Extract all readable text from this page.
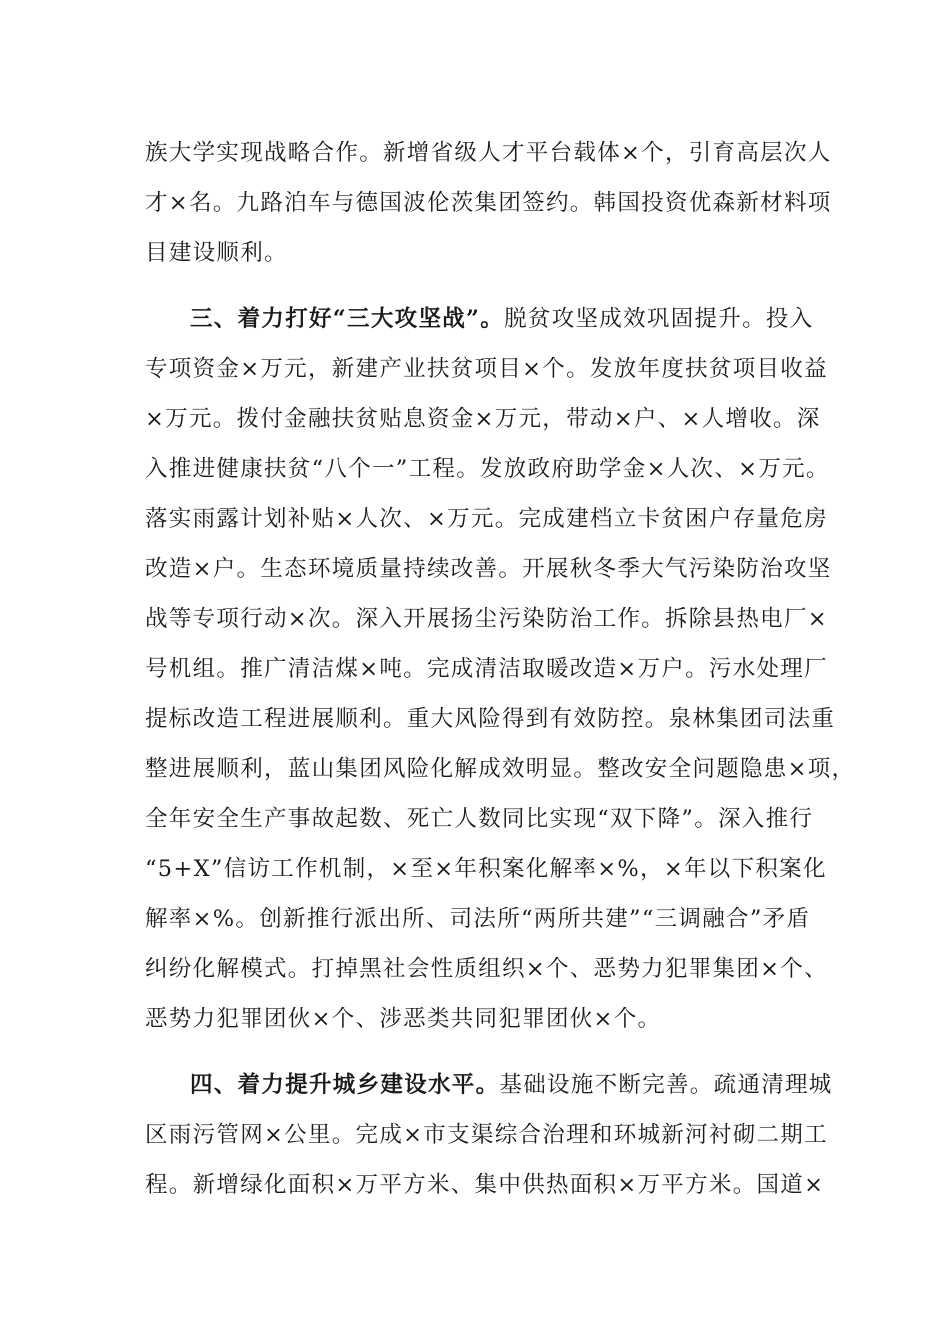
族大学实现战略合作。新增省级人才平台载体×个，引育高层次人
才×名。九路泊车与德国波伦茨集团签约。韩国投资优森新材料项
目建设顺利。
三、着力打好“三大攻坚战”。脱贫攻坚成效巩固提升。投入
专项资金×万元，新建产业扶贫项目×个。发放年度扶贫项目收益
×万元。拨付金融扶贫贴息资金×万元，带动×户、×人增收。深
入推进健康扶贫“八个一”工程。发放政府助学金×人次、×万元。
落实雨露计划补贴×人次、×万元。完成建档立卡贫困户存量危房
改造×户。生态环境质量持续改善。开展秋冬季大气污染防治攻坚
战等专项行动×次。深入开展扬尘污染防治工作。拆除县热电厂×
号机组。推广清洁煤×吨。完成清洁取暖改造×万户。污水处理厂
提标改造工程进展顺利。重大风险得到有效防控。泉林集团司法重
整进展顺利，蓝山集团风险化解成效明显。整改安全问题隐患×项，
全年安全生产事故起数、死亡人数同比实现“双下降”。深入推行
“5+X”信访工作机制，×至×年积案化解率×%，×年以下积案化
解率×%。创新推行派出所、司法所“两所共建”“三调融合”矛盾
纠纷化解模式。打掉黑社会性质组织×个、恶势力犯罪集团×个、
恶势力犯罪团伙×个、涉恶类共同犯罪团伙×个。
四、着力提升城乡建设水平。基础设施不断完善。疏通清理城
区雨污管网×公里。完成×市支渠综合治理和环城新河衬砌二期工
程。新增绿化面积×万平方米、集中供热面积×万平方米。国道×
